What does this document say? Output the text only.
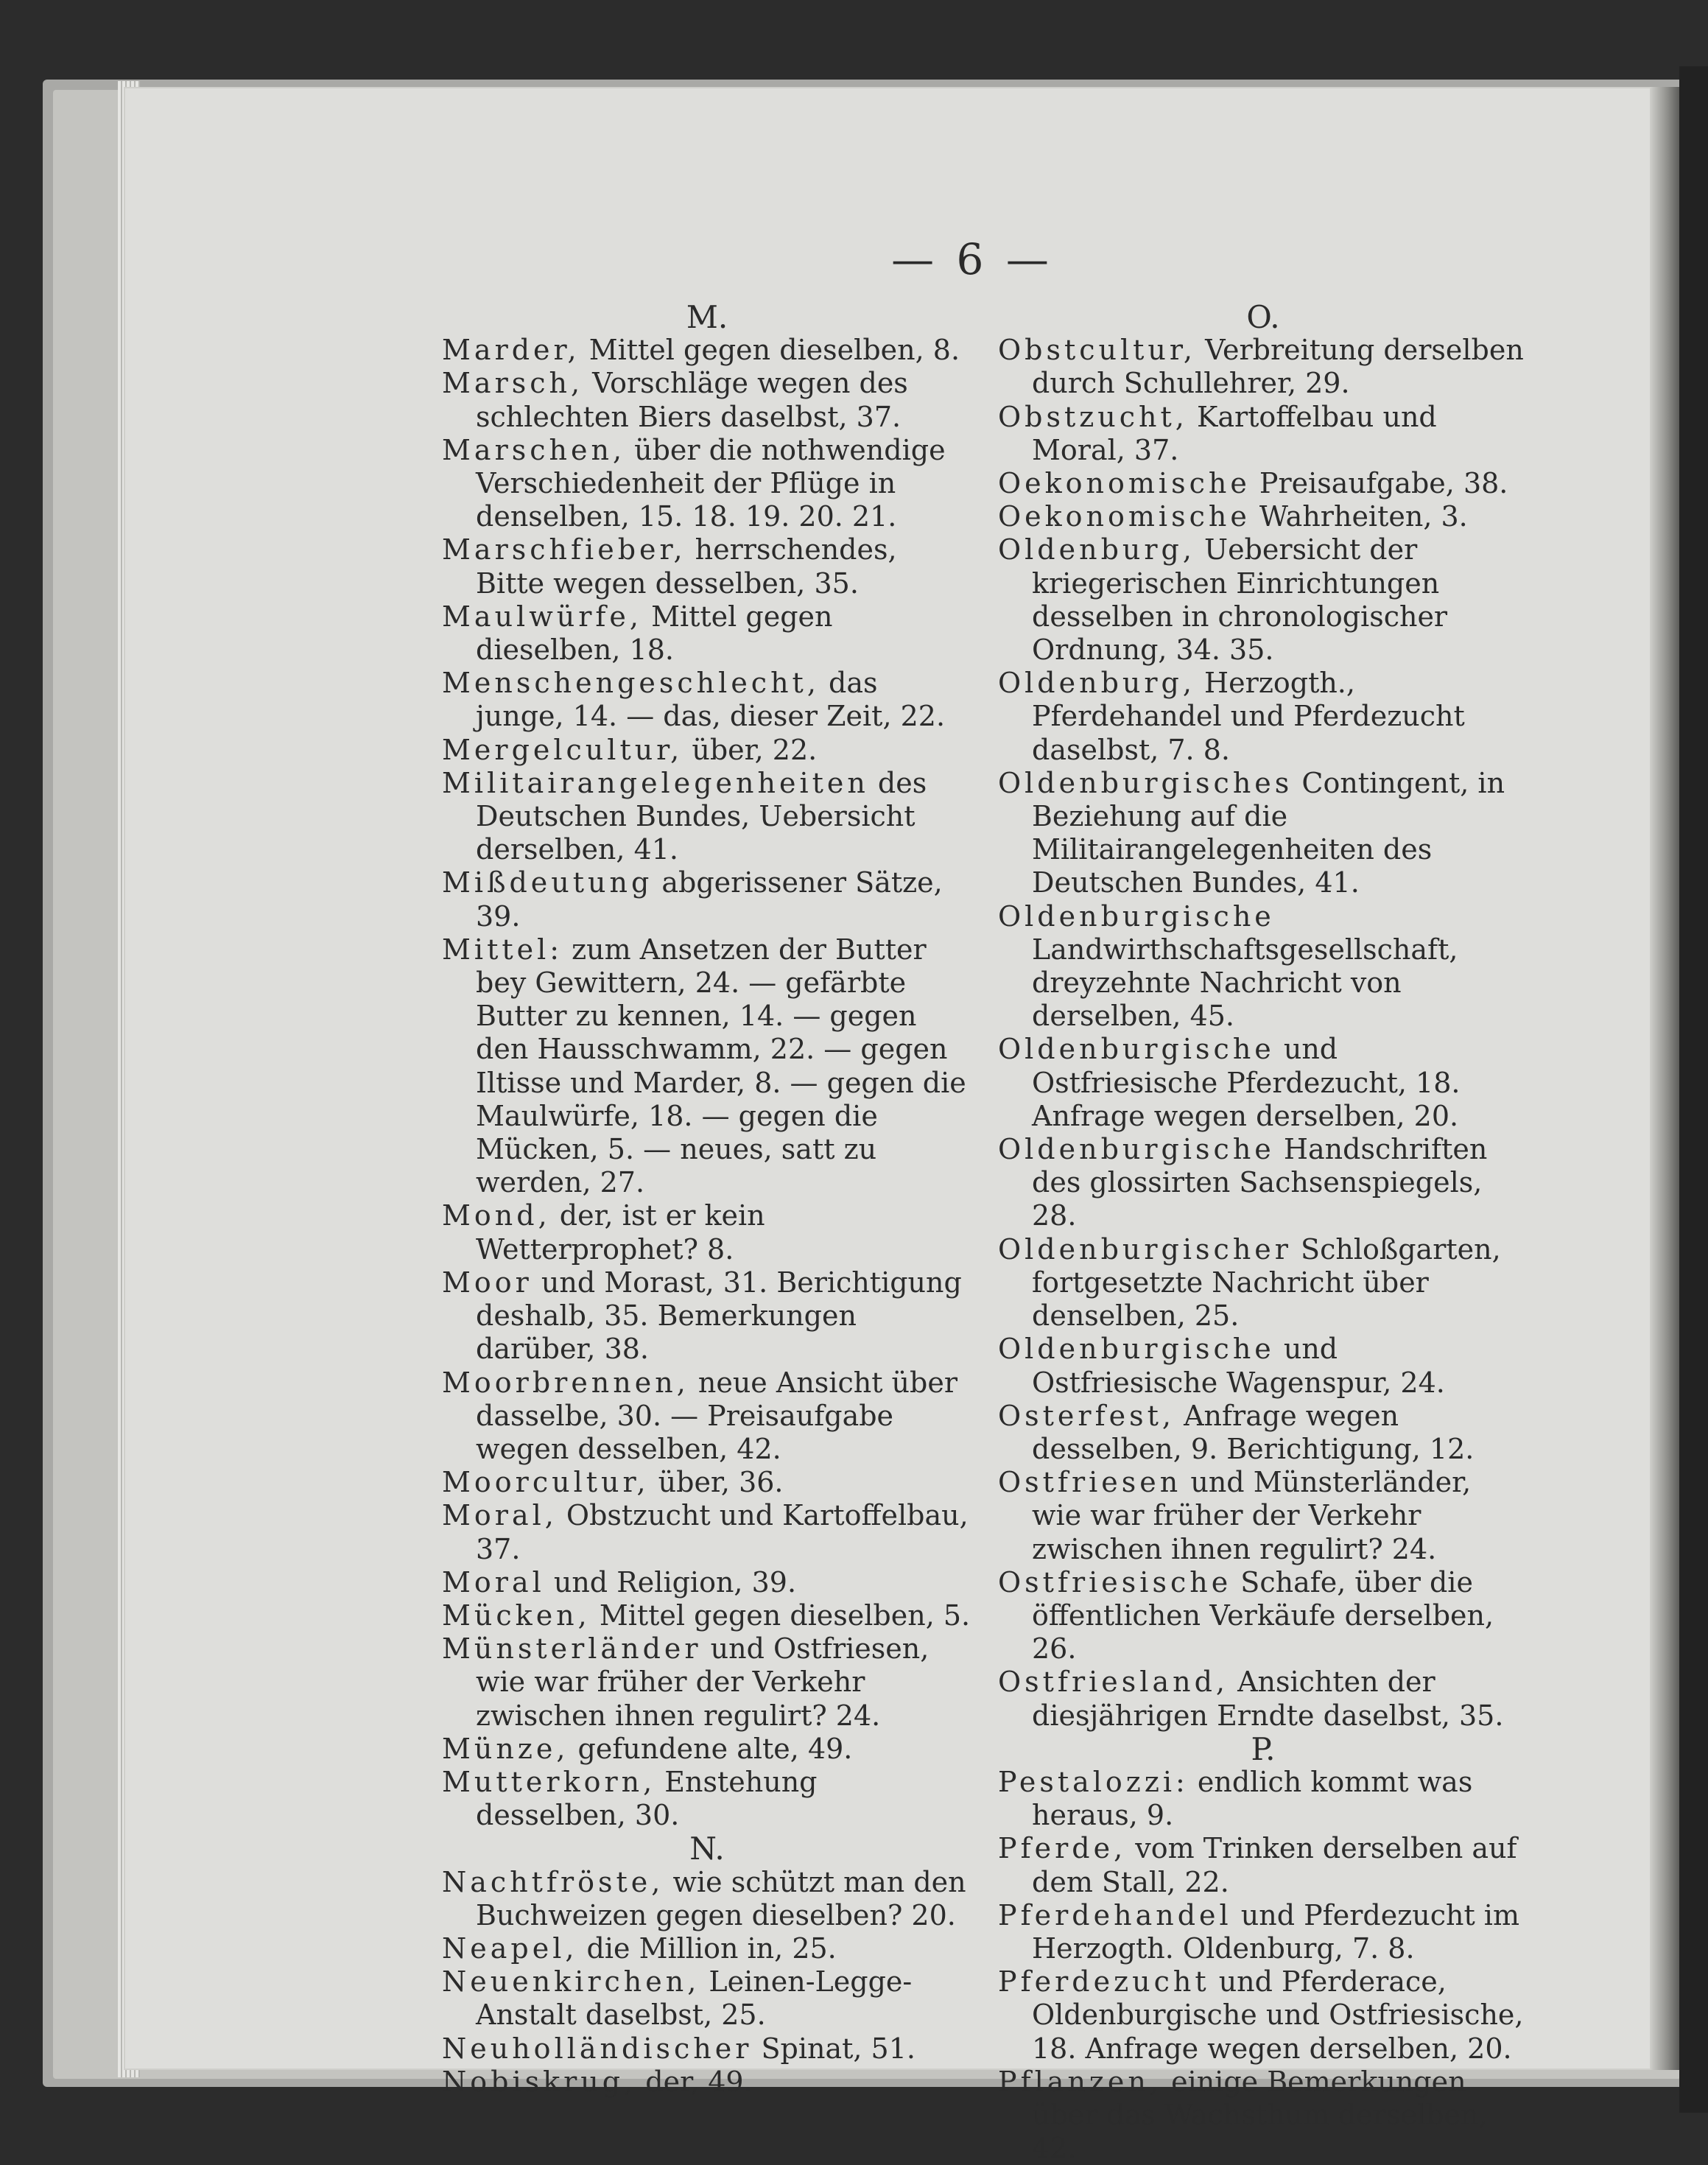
— 6 —

M.

Marder, Mittel gegen dieselben, 8.

Marsch, Vorschläge wegen des schlechten Biers daselbst, 37.

Marschen, über die nothwendige Verschiedenheit der Pflüge in denselben, 15. 18. 19. 20. 21.

Marschfieber, herrschendes, Bitte wegen desselben, 35.

Maulwürfe, Mittel gegen dieselben, 18.

Menschengeschlecht, das junge, 14. — das, dieser Zeit, 22.

Mergelcultur, über, 22.

Militairangelegenheiten des Deutschen Bundes, Uebersicht derselben, 41.

Mißdeutung abgerissener Sätze, 39.

Mittel: zum Ansetzen der Butter bey Gewittern, 24. — gefärbte Butter zu kennen, 14. — gegen den Hausschwamm, 22. — gegen Iltisse und Marder, 8. — gegen die Maulwürfe, 18. — gegen die Mücken, 5. — neues, satt zu werden, 27.

Mond, der, ist er kein Wetterprophet? 8.

Moor und Morast, 31. Berichtigung deshalb, 35. Bemerkungen darüber, 38.

Moorbrennen, neue Ansicht über dasselbe, 30. — Preisaufgabe wegen desselben, 42.

Moorcultur, über, 36.

Moral, Obstzucht und Kartoffelbau, 37.

Moral und Religion, 39.

Mücken, Mittel gegen dieselben, 5.

Münsterländer und Ostfriesen, wie war früher der Verkehr zwischen ihnen regulirt? 24.

Münze, gefundene alte, 49.

Mutterkorn, Enstehung desselben, 30.

N.

Nachtfröste, wie schützt man den Buchweizen gegen dieselben? 20.

Neapel, die Million in, 25.

Neuenkirchen, Leinen-Legge-Anstalt daselbst, 25.

Neuholländischer Spinat, 51.

Nobiskrug, der, 49.

O.

Obstcultur, Verbreitung derselben durch Schullehrer, 29.

Obstzucht, Kartoffelbau und Moral, 37.

Oekonomische Preisaufgabe, 38.

Oekonomische Wahrheiten, 3.

Oldenburg, Uebersicht der kriegerischen Einrichtungen desselben in chronologischer Ordnung, 34. 35.

Oldenburg, Herzogth., Pferdehandel und Pferdezucht daselbst, 7. 8.

Oldenburgisches Contingent, in Beziehung auf die Militairangelegenheiten des Deutschen Bundes, 41.

Oldenburgische Landwirthschaftsgesellschaft, dreyzehnte Nachricht von derselben, 45.

Oldenburgische und Ostfriesische Pferdezucht, 18. Anfrage wegen derselben, 20.

Oldenburgische Handschriften des glossirten Sachsenspiegels, 28.

Oldenburgischer Schloßgarten, fortgesetzte Nachricht über denselben, 25.

Oldenburgische und Ostfriesische Wagenspur, 24.

Osterfest, Anfrage wegen desselben, 9. Berichtigung, 12.

Ostfriesen und Münsterländer, wie war früher der Verkehr zwischen ihnen regulirt? 24.

Ostfriesische Schafe, über die öffentlichen Verkäufe derselben, 26.

Ostfriesland, Ansichten der diesjährigen Erndte daselbst, 35.

P.

Pestalozzi: endlich kommt was heraus, 9.

Pferde, vom Trinken derselben auf dem Stall, 22.

Pferdehandel und Pferdezucht im Herzogth. Oldenburg, 7. 8.

Pferdezucht und Pferderace, Oldenburgische und Ostfriesische, 18. Anfrage wegen derselben, 20.

Pflanzen, einige Bemerkungen über das Wachsthum derselben, 42.
